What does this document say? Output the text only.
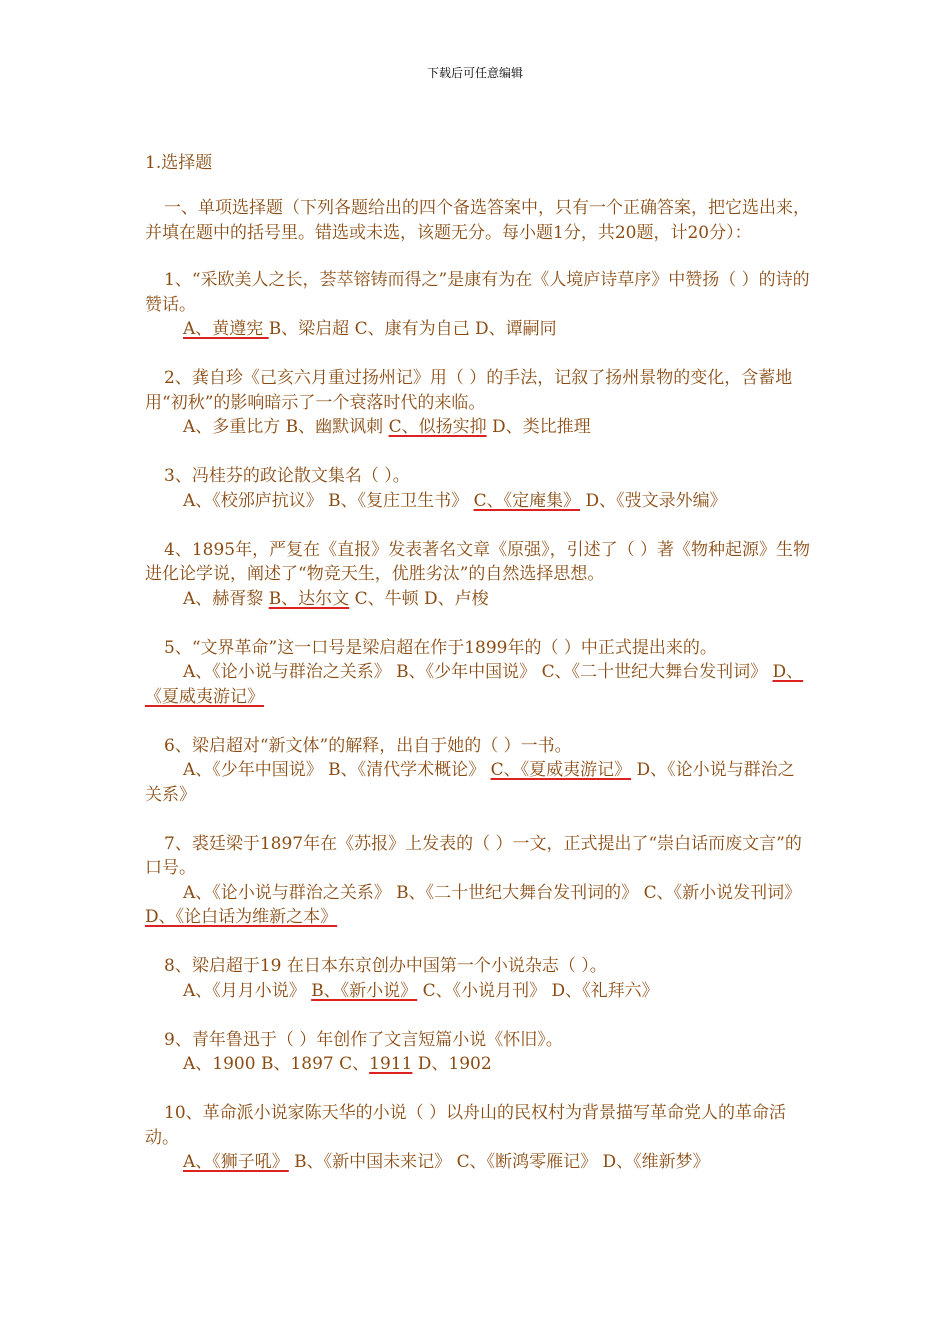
下载后可任意编辑
1.选择题
一、单项选择题（下列各题给出的四个备选答案中，只有一个正确答案，把它选出来，并填在题中的括号里。错选或未选，该题无分。每小题1分，共20题，计20分）：
1、“采欧美人之长，荟萃镕铸而得之”是康有为在《人境庐诗草序》中赞扬（ ）的诗的赞话。
A、黄遵宪 B、梁启超 C、康有为自己 D、谭嗣同
2、龚自珍《己亥六月重过扬州记》用（ ）的手法，记叙了扬州景物的变化，含蓄地用“初秋”的影响暗示了一个衰落时代的来临。
A、多重比方 B、幽默讽刺 C、似扬实抑 D、类比推理
3、冯桂芬的政论散文集名（ ）。
A、《校邠庐抗议》 B、《复庄卫生书》 C、《定庵集》 D、《弢文录外编》
4、1895年，严复在《直报》发表著名文章《原强》，引述了（ ）著《物种起源》生物进化论学说，阐述了“物竞天生，优胜劣汰”的自然选择思想。
A、赫胥黎 B、达尔文 C、牛顿 D、卢梭
5、“文界革命”这一口号是梁启超在作于1899年的（ ）中正式提出来的。
A、《论小说与群治之关系》 B、《少年中国说》 C、《二十世纪大舞台发刊词》 D、《夏威夷游记》
6、梁启超对“新文体”的解释，出自于她的（ ）一书。
A、《少年中国说》 B、《清代学术概论》 C、《夏威夷游记》 D、《论小说与群治之关系》
7、裘廷梁于1897年在《苏报》上发表的（ ）一文，正式提出了“崇白话而废文言”的口号。
A、《论小说与群治之关系》 B、《二十世纪大舞台发刊词的》 C、《新小说发刊词》 D、《论白话为维新之本》
8、梁启超于19 在日本东京创办中国第一个小说杂志（ ）。
A、《月月小说》 B、《新小说》 C、《小说月刊》 D、《礼拜六》
9、青年鲁迅于（ ）年创作了文言短篇小说《怀旧》。
A、1900 B、1897 C、1911 D、1902
10、革命派小说家陈天华的小说（ ）以舟山的民权村为背景描写革命党人的革命活动。
A、《狮子吼》 B、《新中国未来记》 C、《断鸿零雁记》 D、《维新梦》
